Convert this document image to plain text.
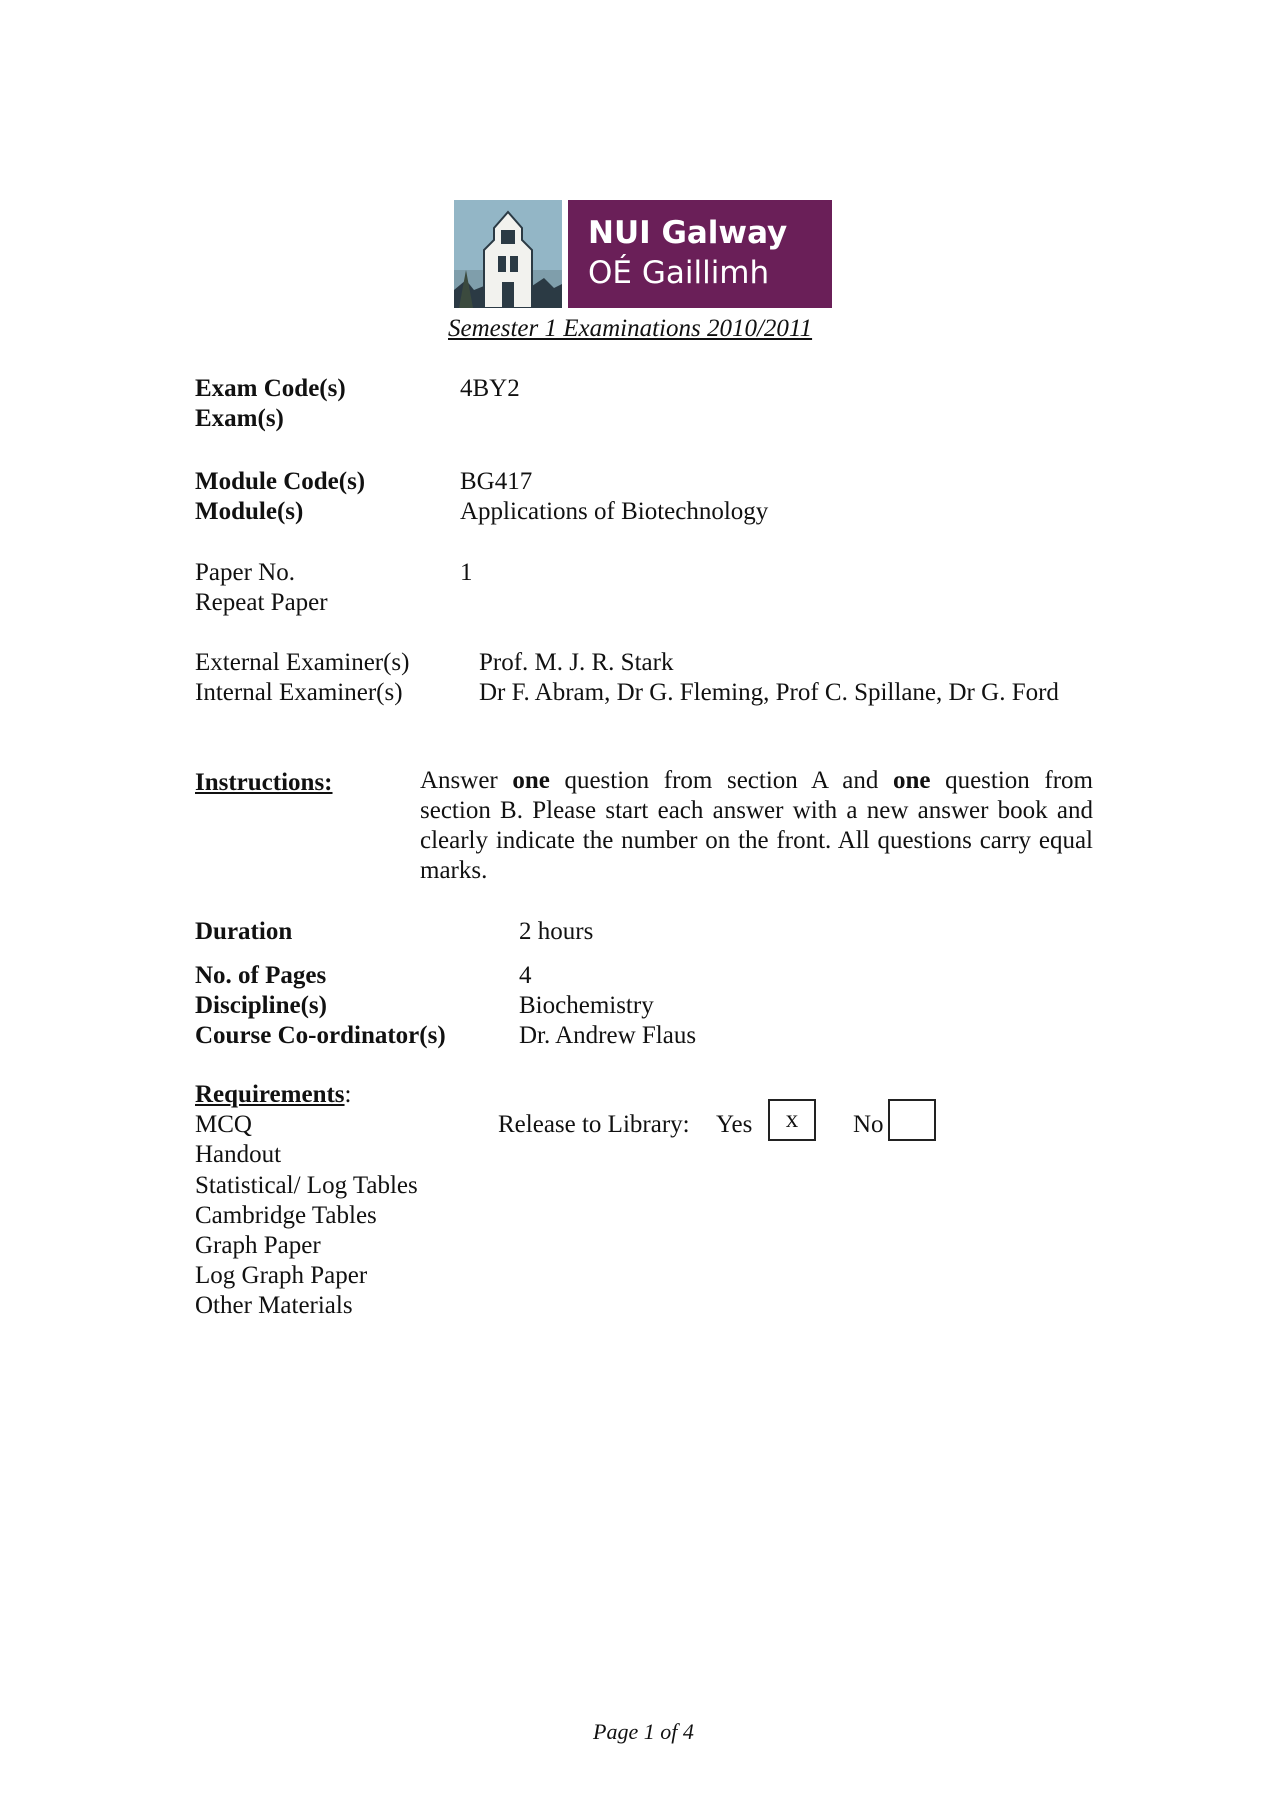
NUI Galway
OÉ Gaillimh
Semester 1 Examinations 2010/2011
Exam Code(s)	4BY2
Exam(s)
Module Code(s)	BG417
Module(s)	Applications of Biotechnology
Paper No.	1
Repeat Paper
External Examiner(s)	Prof. M. J. R. Stark
Internal Examiner(s)	Dr F. Abram, Dr G. Fleming, Prof C. Spillane, Dr G. Ford
Instructions:	Answer one question from section A and one question from section B. Please start each answer with a new answer book and clearly indicate the number on the front. All questions carry equal marks.
Duration	2 hours
No. of Pages	4
Discipline(s)	Biochemistry
Course Co-ordinator(s)	Dr. Andrew Flaus
Requirements:
MCQ
Handout
Statistical/ Log Tables
Cambridge Tables
Graph Paper
Log Graph Paper
Other Materials
Release to Library: Yes	x	No
Page 1 of 4
